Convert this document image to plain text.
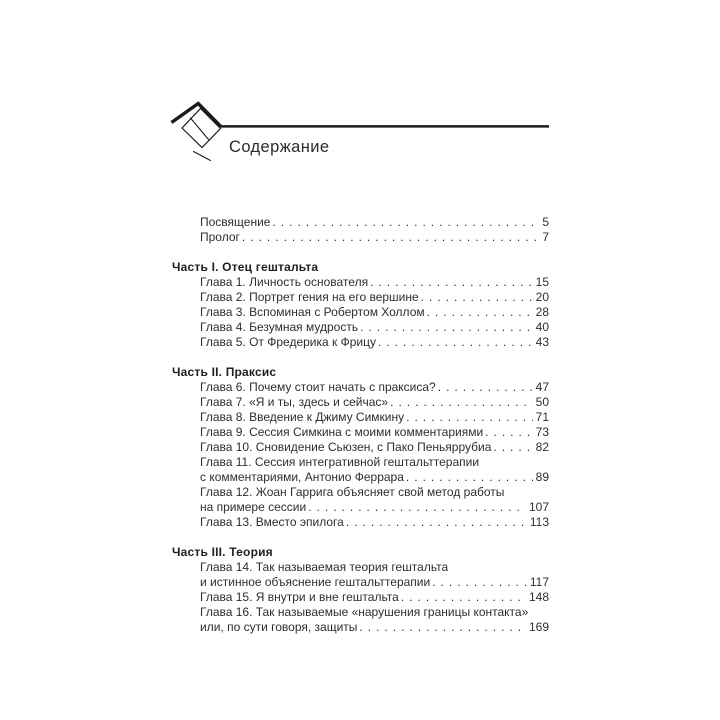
Содержание
Посвящение .....	5
Пролог .....	7
Часть I. Отец гештальта
Глава 1. Личность основателя .....	15
Глава 2. Портрет гения на его вершине .....	20
Глава 3. Вспоминая с Робертом Холлом .....	28
Глава 4. Безумная мудрость .....	40
Глава 5. От Фредерика к Фрицу .....	43
Часть II. Праксис
Глава 6. Почему стоит начать с праксиса? .....	47
Глава 7. «Я и ты, здесь и сейчас» .....	50
Глава 8. Введение к Джиму Симкину .....	71
Глава 9. Сессия Симкина с моими комментариями .....	73
Глава 10. Сновидение Сьюзен, с Пако Пеньяррубиа .....	82
Глава 11. Сессия интегративной гештальттерапии
с комментариями, Антонио Феррара .....	89
Глава 12. Жоан Гаррига объясняет свой метод работы
на примере сессии .....	107
Глава 13. Вместо эпилога .....	113
Часть III. Теория
Глава 14. Так называемая теория гештальта
и истинное объяснение гештальттерапии .....	117
Глава 15. Я внутри и вне гештальта .....	148
Глава 16. Так называемые «нарушения границы контакта»
или, по сути говоря, защиты .....	169
